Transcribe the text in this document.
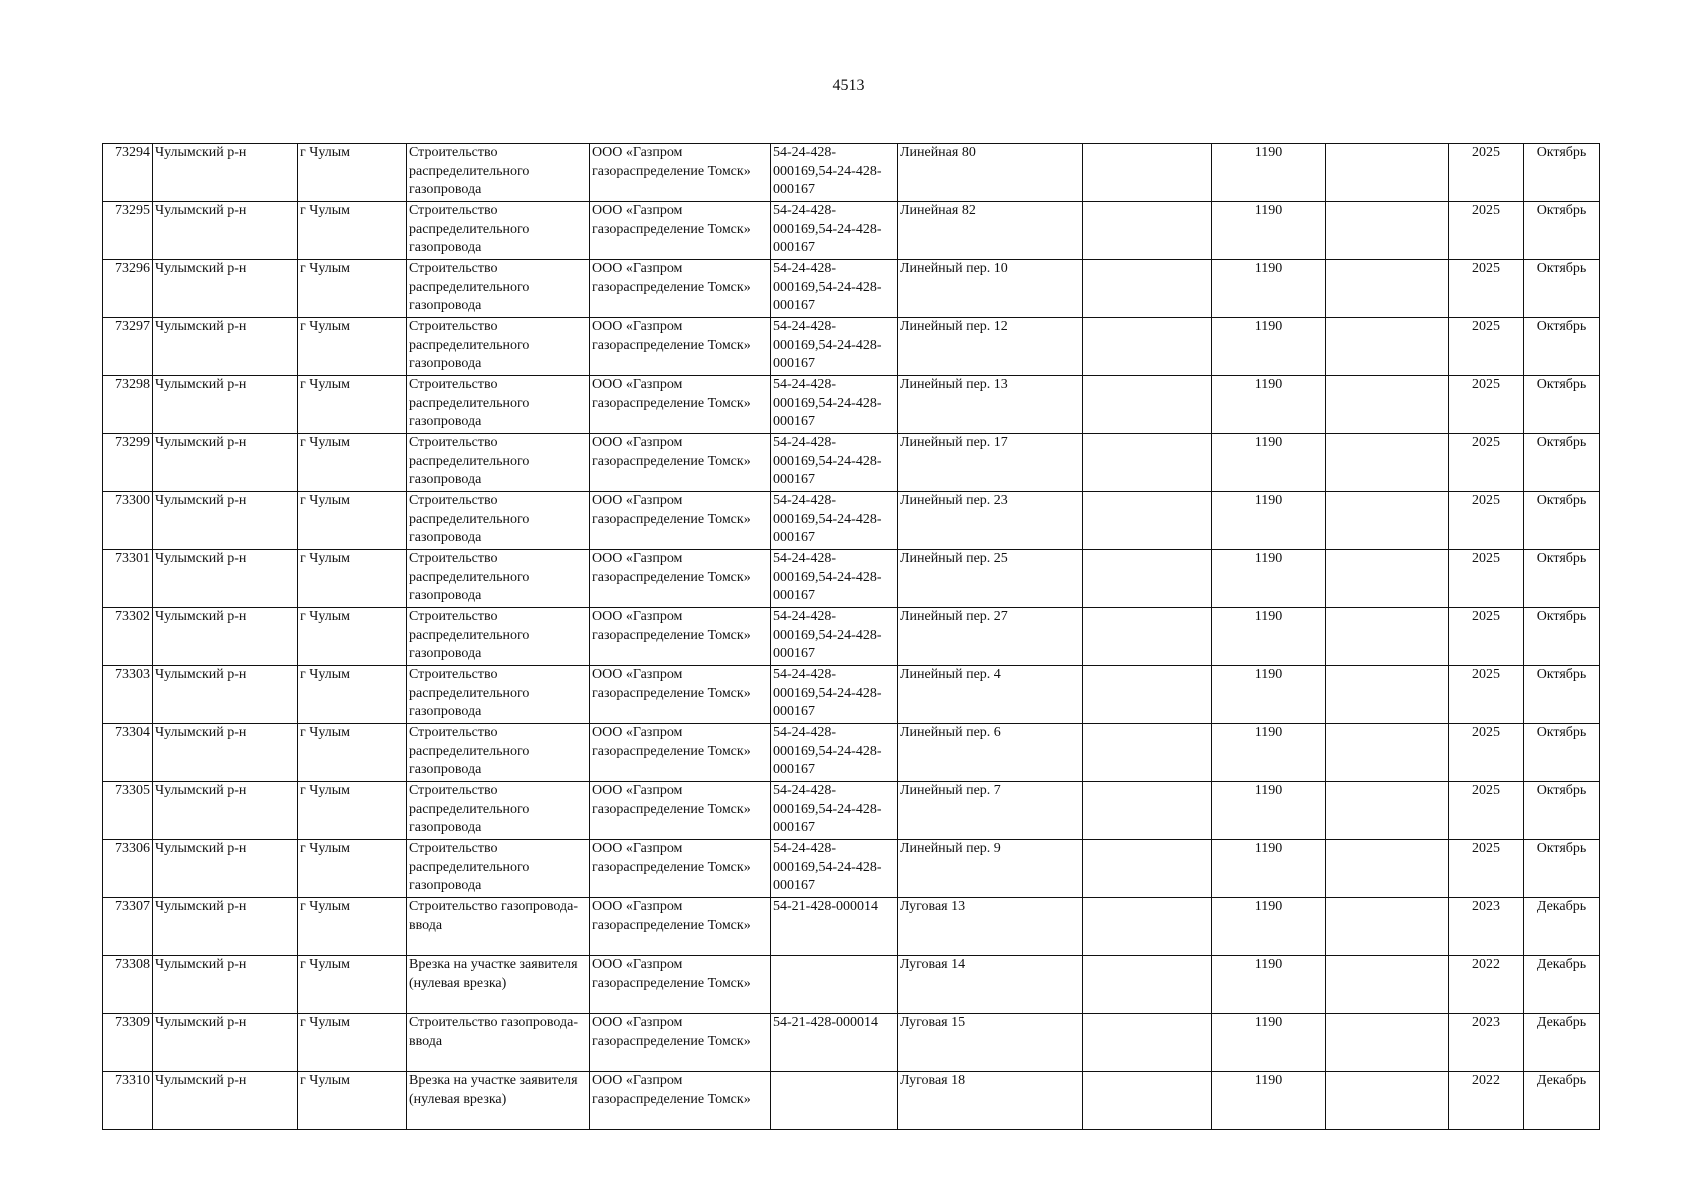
4513
73294	Чулымский р-н	г Чулым	Строительство распределительного газопровода	ООО «Газпром газораспределение Томск»	54-24-428-000169,54-24-428-000167	Линейная 80		1190		2025	Октябрь
73295	Чулымский р-н	г Чулым	Строительство распределительного газопровода	ООО «Газпром газораспределение Томск»	54-24-428-000169,54-24-428-000167	Линейная 82		1190		2025	Октябрь
73296	Чулымский р-н	г Чулым	Строительство распределительного газопровода	ООО «Газпром газораспределение Томск»	54-24-428-000169,54-24-428-000167	Линейный пер. 10		1190		2025	Октябрь
73297	Чулымский р-н	г Чулым	Строительство распределительного газопровода	ООО «Газпром газораспределение Томск»	54-24-428-000169,54-24-428-000167	Линейный пер. 12		1190		2025	Октябрь
73298	Чулымский р-н	г Чулым	Строительство распределительного газопровода	ООО «Газпром газораспределение Томск»	54-24-428-000169,54-24-428-000167	Линейный пер. 13		1190		2025	Октябрь
73299	Чулымский р-н	г Чулым	Строительство распределительного газопровода	ООО «Газпром газораспределение Томск»	54-24-428-000169,54-24-428-000167	Линейный пер. 17		1190		2025	Октябрь
73300	Чулымский р-н	г Чулым	Строительство распределительного газопровода	ООО «Газпром газораспределение Томск»	54-24-428-000169,54-24-428-000167	Линейный пер. 23		1190		2025	Октябрь
73301	Чулымский р-н	г Чулым	Строительство распределительного газопровода	ООО «Газпром газораспределение Томск»	54-24-428-000169,54-24-428-000167	Линейный пер. 25		1190		2025	Октябрь
73302	Чулымский р-н	г Чулым	Строительство распределительного газопровода	ООО «Газпром газораспределение Томск»	54-24-428-000169,54-24-428-000167	Линейный пер. 27		1190		2025	Октябрь
73303	Чулымский р-н	г Чулым	Строительство распределительного газопровода	ООО «Газпром газораспределение Томск»	54-24-428-000169,54-24-428-000167	Линейный пер. 4		1190		2025	Октябрь
73304	Чулымский р-н	г Чулым	Строительство распределительного газопровода	ООО «Газпром газораспределение Томск»	54-24-428-000169,54-24-428-000167	Линейный пер. 6		1190		2025	Октябрь
73305	Чулымский р-н	г Чулым	Строительство распределительного газопровода	ООО «Газпром газораспределение Томск»	54-24-428-000169,54-24-428-000167	Линейный пер. 7		1190		2025	Октябрь
73306	Чулымский р-н	г Чулым	Строительство распределительного газопровода	ООО «Газпром газораспределение Томск»	54-24-428-000169,54-24-428-000167	Линейный пер. 9		1190		2025	Октябрь
73307	Чулымский р-н	г Чулым	Строительство газопровода-ввода	ООО «Газпром газораспределение Томск»	54-21-428-000014	Луговая 13		1190		2023	Декабрь
73308	Чулымский р-н	г Чулым	Врезка на участке заявителя (нулевая врезка)	ООО «Газпром газораспределение Томск»		Луговая 14		1190		2022	Декабрь
73309	Чулымский р-н	г Чулым	Строительство газопровода-ввода	ООО «Газпром газораспределение Томск»	54-21-428-000014	Луговая 15		1190		2023	Декабрь
73310	Чулымский р-н	г Чулым	Врезка на участке заявителя (нулевая врезка)	ООО «Газпром газораспределение Томск»		Луговая 18		1190		2022	Декабрь
